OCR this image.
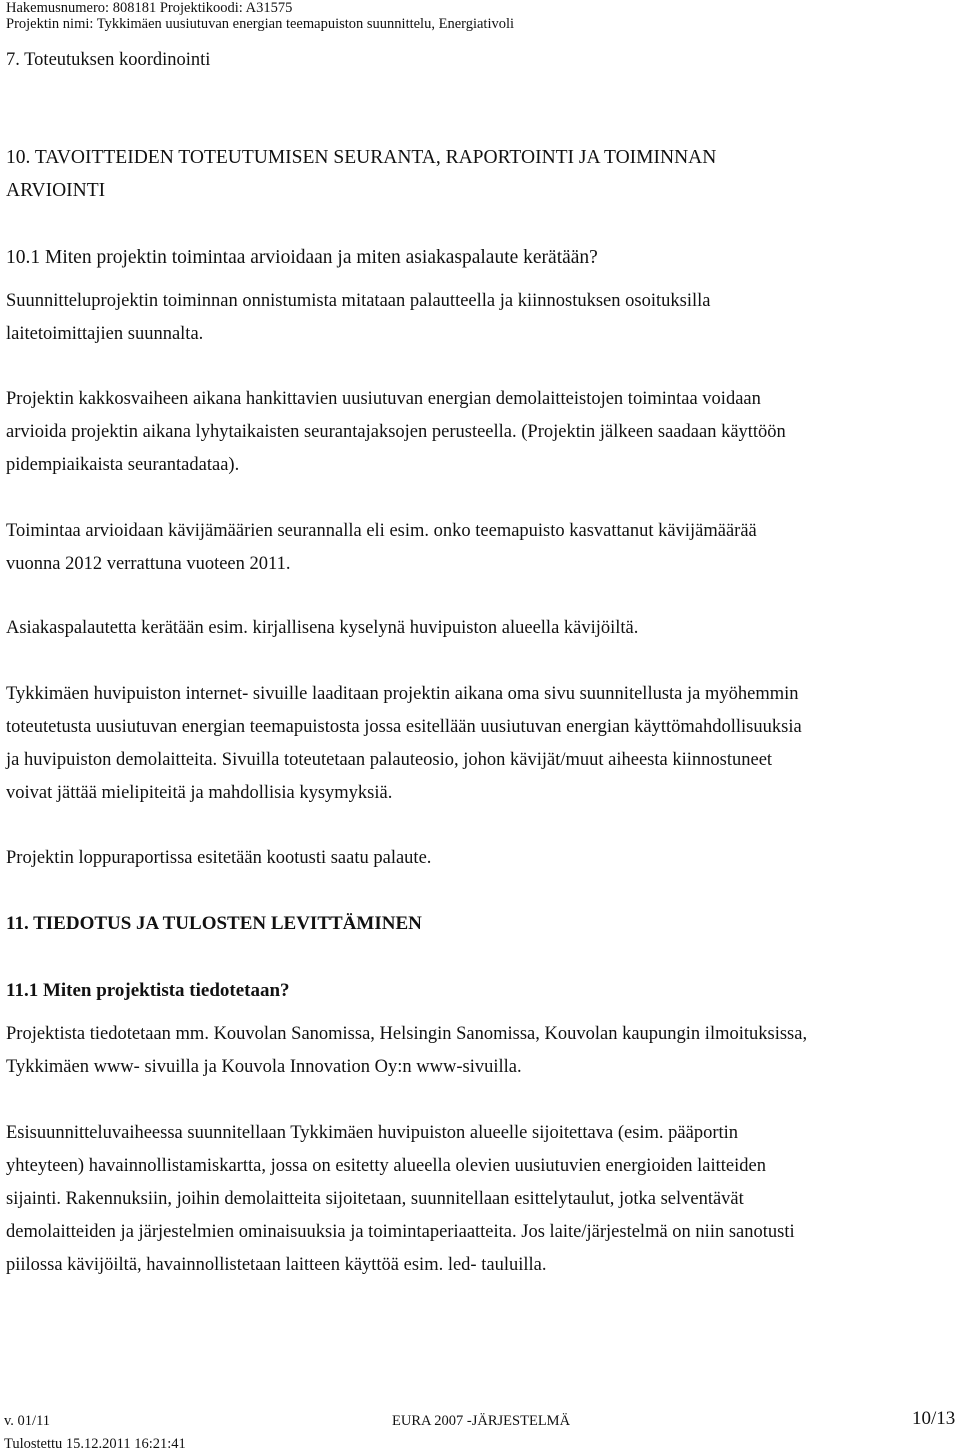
Hakemusnumero: 808181 Projektikoodi: A31575
Projektin nimi: Tykkimäen uusiutuvan energian teemapuiston suunnittelu, Energiativoli
7. Toteutuksen koordinointi
10. TAVOITTEIDEN TOTEUTUMISEN SEURANTA, RAPORTOINTI JA TOIMINNAN
ARVIOINTI
10.1 Miten projektin toimintaa arvioidaan ja miten asiakaspalaute kerätään?
Suunnitteluprojektin toiminnan onnistumista mitataan palautteella ja kiinnostuksen osoituksilla
laitetoimittajien suunnalta.
Projektin kakkosvaiheen aikana hankittavien uusiutuvan energian demolaitteistojen toimintaa voidaan
arvioida projektin aikana lyhytaikaisten seurantajaksojen perusteella. (Projektin jälkeen saadaan käyttöön
pidempiaikaista seurantadataa).
Toimintaa arvioidaan kävijämäärien seurannalla eli esim. onko teemapuisto kasvattanut kävijämäärää
vuonna 2012 verrattuna vuoteen 2011.
Asiakaspalautetta kerätään esim. kirjallisena kyselynä huvipuiston alueella kävijöiltä.
Tykkimäen huvipuiston internet- sivuille laaditaan projektin aikana oma sivu suunnitellusta ja myöhemmin
toteutetusta uusiutuvan energian teemapuistosta jossa esitellään uusiutuvan energian käyttömahdollisuuksia
ja huvipuiston demolaitteita. Sivuilla toteutetaan palauteosio, johon kävijät/muut aiheesta kiinnostuneet
voivat jättää mielipiteitä ja mahdollisia kysymyksiä.
Projektin loppuraportissa esitetään kootusti saatu palaute.
11. TIEDOTUS JA TULOSTEN LEVITTÄMINEN
11.1 Miten projektista tiedotetaan?
Projektista tiedotetaan mm. Kouvolan Sanomissa, Helsingin Sanomissa, Kouvolan kaupungin ilmoituksissa,
Tykkimäen www- sivuilla ja Kouvola Innovation Oy:n www-sivuilla.
Esisuunnitteluvaiheessa suunnitellaan Tykkimäen huvipuiston alueelle sijoitettava (esim. pääportin
yhteyteen) havainnollistamiskartta, jossa on esitetty alueella olevien uusiutuvien energioiden laitteiden
sijainti. Rakennuksiin, joihin demolaitteita sijoitetaan, suunnitellaan esittelytaulut, jotka selventävät
demolaitteiden ja järjestelmien ominaisuuksia ja toimintaperiaatteita. Jos laite/järjestelmä on niin sanotusti
piilossa kävijöiltä, havainnollistetaan laitteen käyttöä esim. led- tauluilla.
v. 01/11	EURA 2007 -JÄRJESTELMÄ	10/13
Tulostettu 15.12.2011 16:21:41
